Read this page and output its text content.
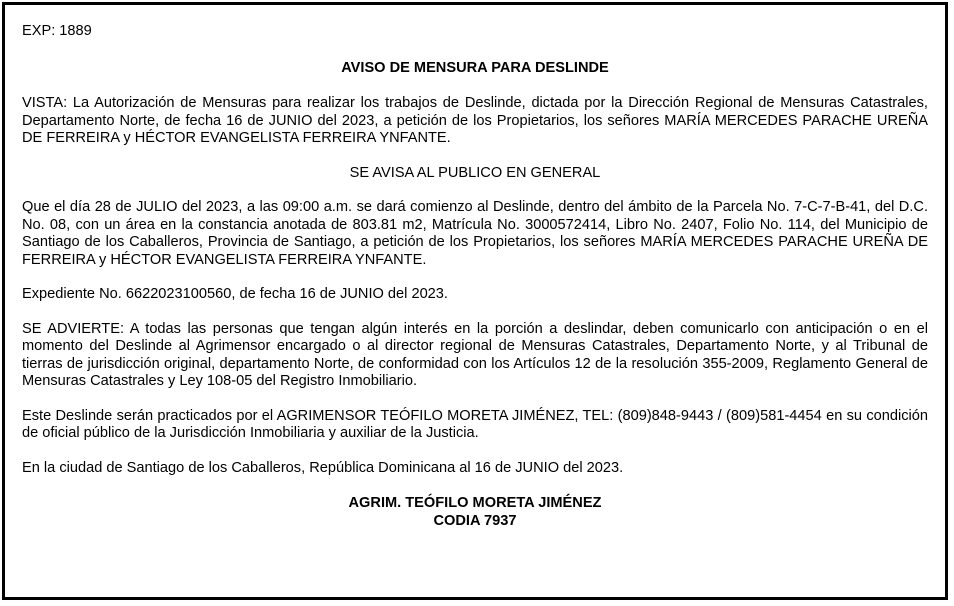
EXP: 1889

AVISO DE MENSURA PARA DESLINDE

VISTA: La Autorización de Mensuras para realizar los trabajos de Deslinde, dictada por la Dirección Regional de Mensuras Catastrales, Departamento Norte, de fecha 16 de JUNIO del 2023, a petición de los Propietarios, los señores MARÍA MERCEDES PARACHE UREÑA DE FERREIRA y HÉCTOR EVANGELISTA FERREIRA YNFANTE.

SE AVISA AL PUBLICO EN GENERAL

Que el día 28 de JULIO del 2023, a las 09:00 a.m. se dará comienzo al Deslinde, dentro del ámbito de la Parcela No. 7-C-7-B-41, del D.C. No. 08, con un área en la constancia anotada de 803.81 m2, Matrícula No. 3000572414, Libro No. 2407, Folio No. 114, del Municipio de Santiago de los Caballeros, Provincia de Santiago, a petición de los Propietarios, los señores MARÍA MERCEDES PARACHE UREÑA DE FERREIRA y HÉCTOR EVANGELISTA FERREIRA YNFANTE.

Expediente No. 6622023100560, de fecha 16 de JUNIO del 2023.

SE ADVIERTE: A todas las personas que tengan algún interés en la porción a deslindar, deben comunicarlo con anticipación o en el momento del Deslinde al Agrimensor encargado o al director regional de Mensuras Catastrales, Departamento Norte, y al Tribunal de tierras de jurisdicción original, departamento Norte, de conformidad con los Artículos 12 de la resolución 355-2009, Reglamento General de Mensuras Catastrales y Ley 108-05 del Registro Inmobiliario.

Este Deslinde serán practicados por el AGRIMENSOR TEÓFILO MORETA JIMÉNEZ, TEL: (809)848-9443 / (809)581-4454 en su condición de oficial público de la Jurisdicción Inmobiliaria y auxiliar de la Justicia.

En la ciudad de Santiago de los Caballeros, República Dominicana al 16 de JUNIO del 2023.

AGRIM. TEÓFILO MORETA JIMÉNEZ

CODIA 7937
